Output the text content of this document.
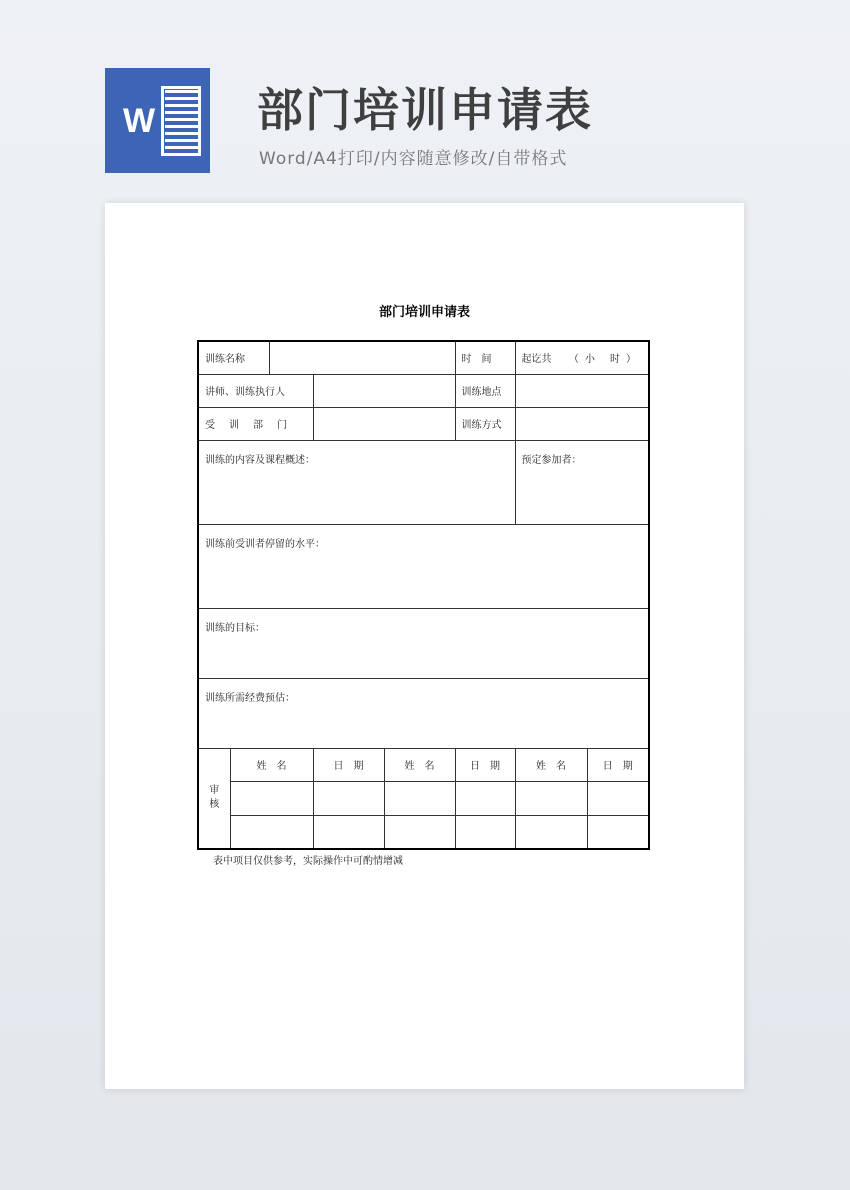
W 部门培训申请表
Word/A4打印/内容随意修改/自带格式
部门培训申请表
训练名称					时　间	起讫共 （小 时）	

讲师、训练执行人					训练地点		
受训部门					训练方式		
训练的内容及课程概述：						预定参加者：	
训练前受训者停留的水平：							
训练的目标：							
训练所需经费预估：							
审核	姓　名		日　期	姓　名	日　期	姓　名	日　期

表中项目仅供参考，实际操作中可酌情增减
